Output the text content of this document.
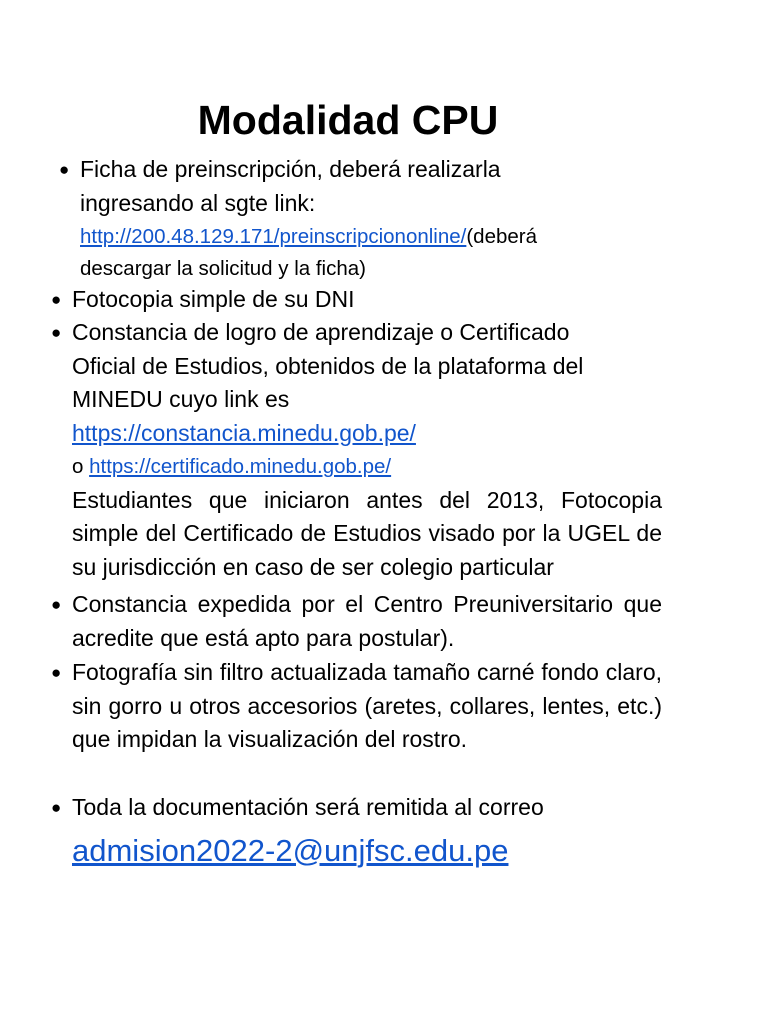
Modalidad CPU
● Ficha de preinscripción, deberá realizarla
ingresando al sgte link:
http://200.48.129.171/preinscripciononline/(deberá
descargar la solicitud y la ficha)
● Fotocopia simple de su DNI
● Constancia de logro de aprendizaje o Certificado Oficial de Estudios, obtenidos de la plataforma del MINEDU cuyo link es https://constancia.minedu.gob.pe/
o https://certificado.minedu.gob.pe/
Estudiantes que iniciaron antes del 2013, Fotocopia simple del Certificado de Estudios visado por la UGEL de su jurisdicción en caso de ser colegio particular
● Constancia expedida por el Centro Preuniversitario que acredite que está apto para postular).
● Fotografía sin filtro actualizada tamaño carné fondo claro, sin gorro u otros accesorios (aretes, collares, lentes, etc.) que impidan la visualización del rostro.
● Toda la documentación será remitida al correo
admision2022-2@unjfsc.edu.pe
